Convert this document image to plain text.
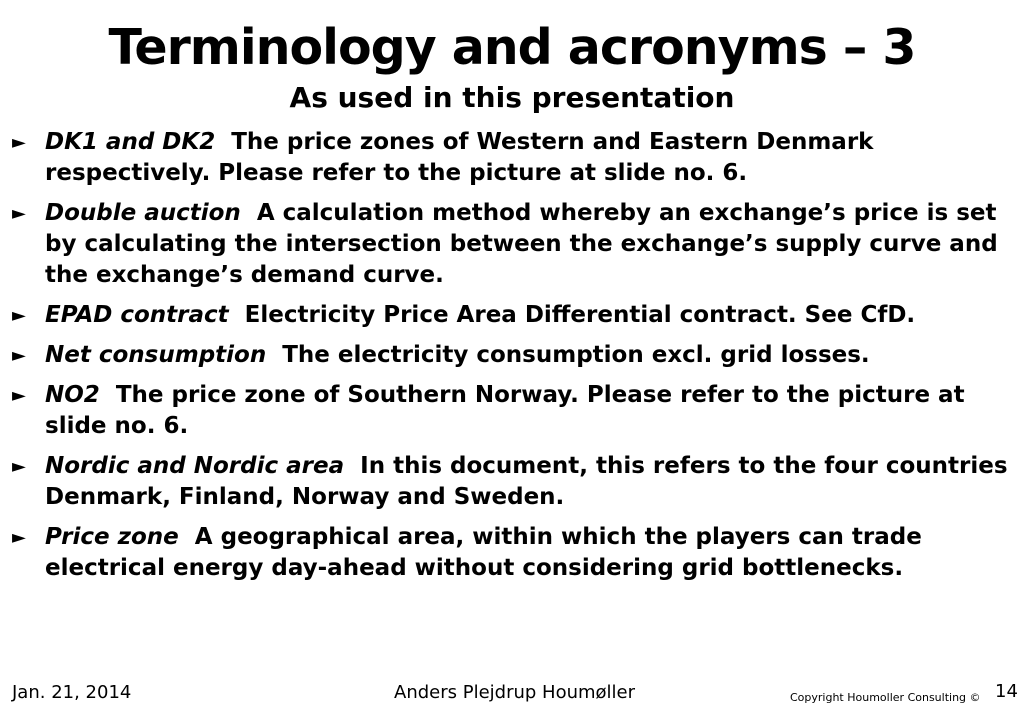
Terminology and acronyms – 3
As used in this presentation
► DK1 and DK2 The price zones of Western and Eastern Denmark respectively. Please refer to the picture at slide no. 6.
► Double auction A calculation method whereby an exchange’s price is set by calculating the intersection between the exchange’s supply curve and the exchange’s demand curve.
► EPAD contract Electricity Price Area Differential contract. See CfD.
► Net consumption The electricity consumption excl. grid losses.
► NO2 The price zone of Southern Norway. Please refer to the picture at slide no. 6.
► Nordic and Nordic area In this document, this refers to the four countries Denmark, Finland, Norway and Sweden.
► Price zone A geographical area, within which the players can trade electrical energy day-ahead without considering grid bottlenecks.
Jan. 21, 2014	Anders Plejdrup Houmøller	Copyright Houmoller Consulting © 14
